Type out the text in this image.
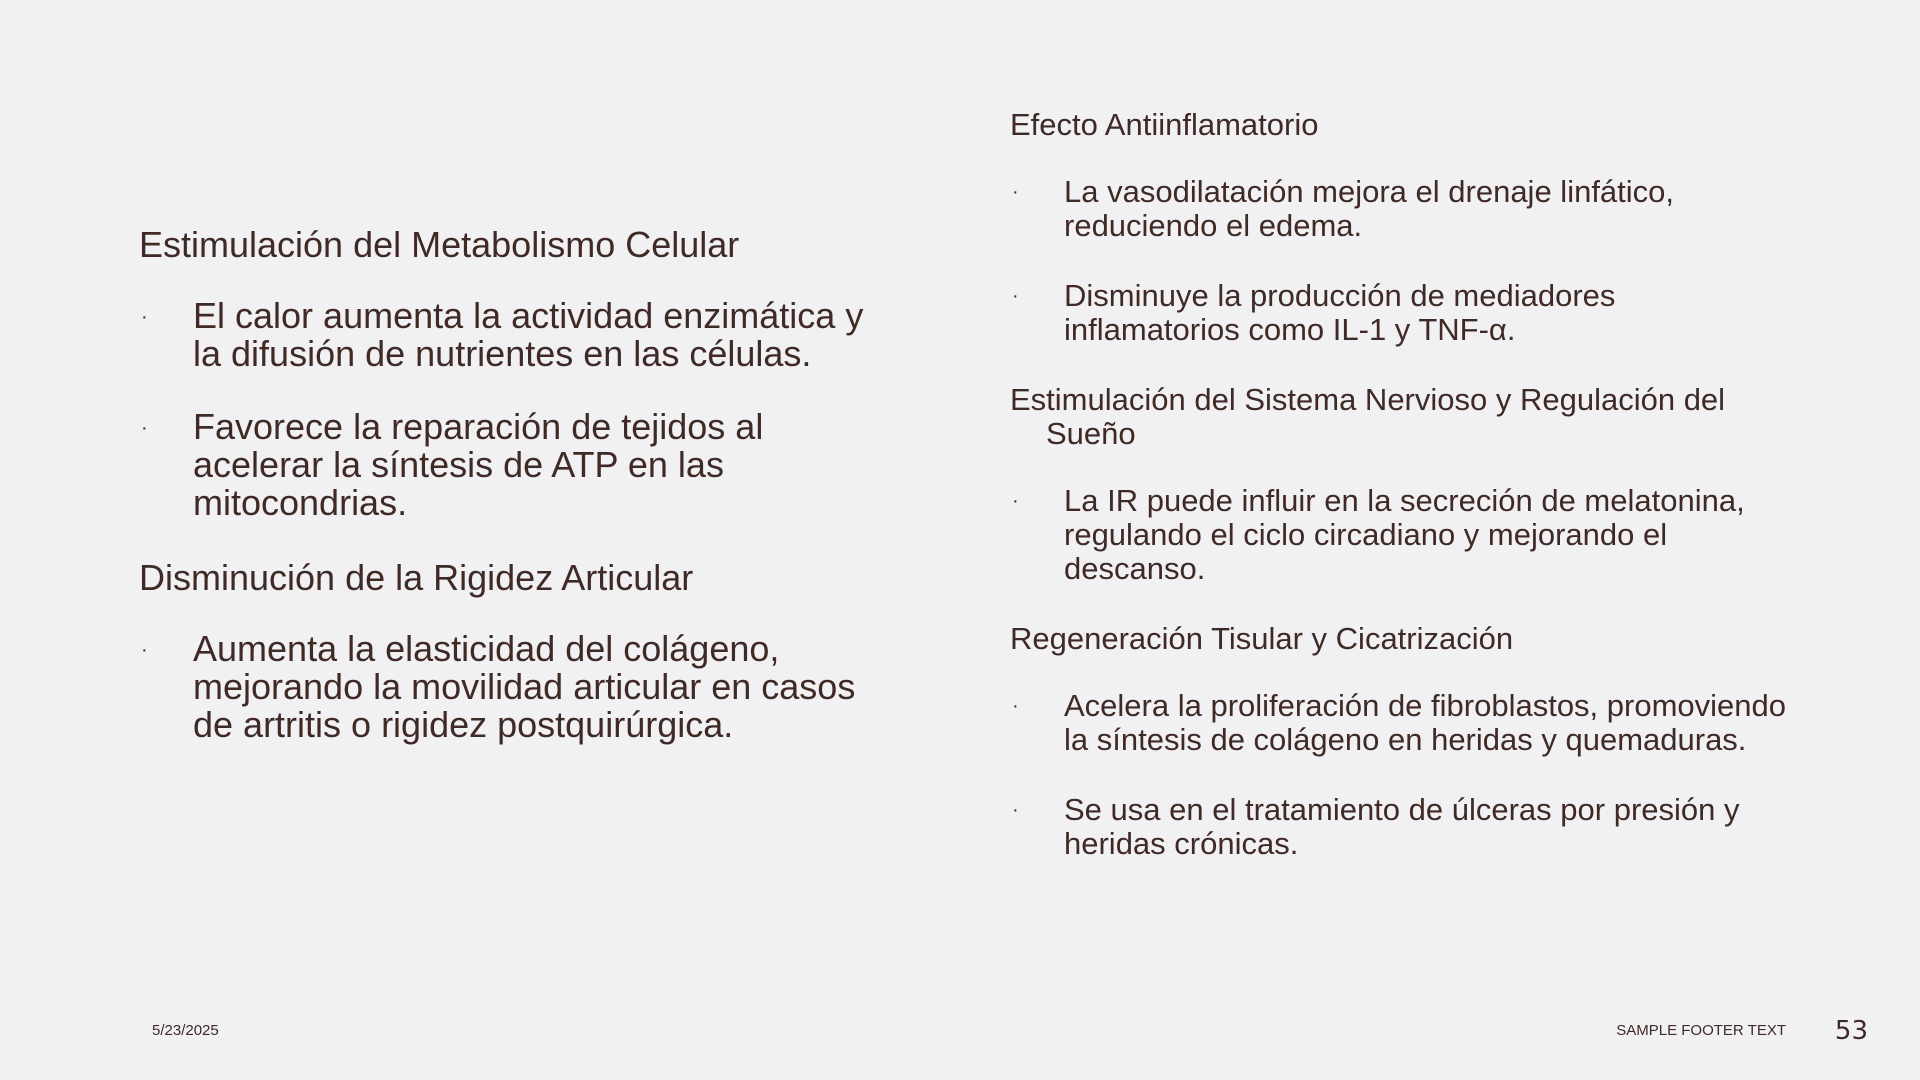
Estimulación del Metabolismo Celular
· El calor aumenta la actividad enzimática y la difusión de nutrientes en las células.
· Favorece la reparación de tejidos al acelerar la síntesis de ATP en las mitocondrias.
Disminución de la Rigidez Articular
· Aumenta la elasticidad del colágeno, mejorando la movilidad articular en casos de artritis o rigidez postquirúrgica.
Efecto Antiinflamatorio
· La vasodilatación mejora el drenaje linfático, reduciendo el edema.
· Disminuye la producción de mediadores inflamatorios como IL-1 y TNF-α.
Estimulación del Sistema Nervioso y Regulación del Sueño
· La IR puede influir en la secreción de melatonina, regulando el ciclo circadiano y mejorando el descanso.
Regeneración Tisular y Cicatrización
· Acelera la proliferación de fibroblastos, promoviendo la síntesis de colágeno en heridas y quemaduras.
· Se usa en el tratamiento de úlceras por presión y heridas crónicas.
5/23/2025	SAMPLE FOOTER TEXT 53
